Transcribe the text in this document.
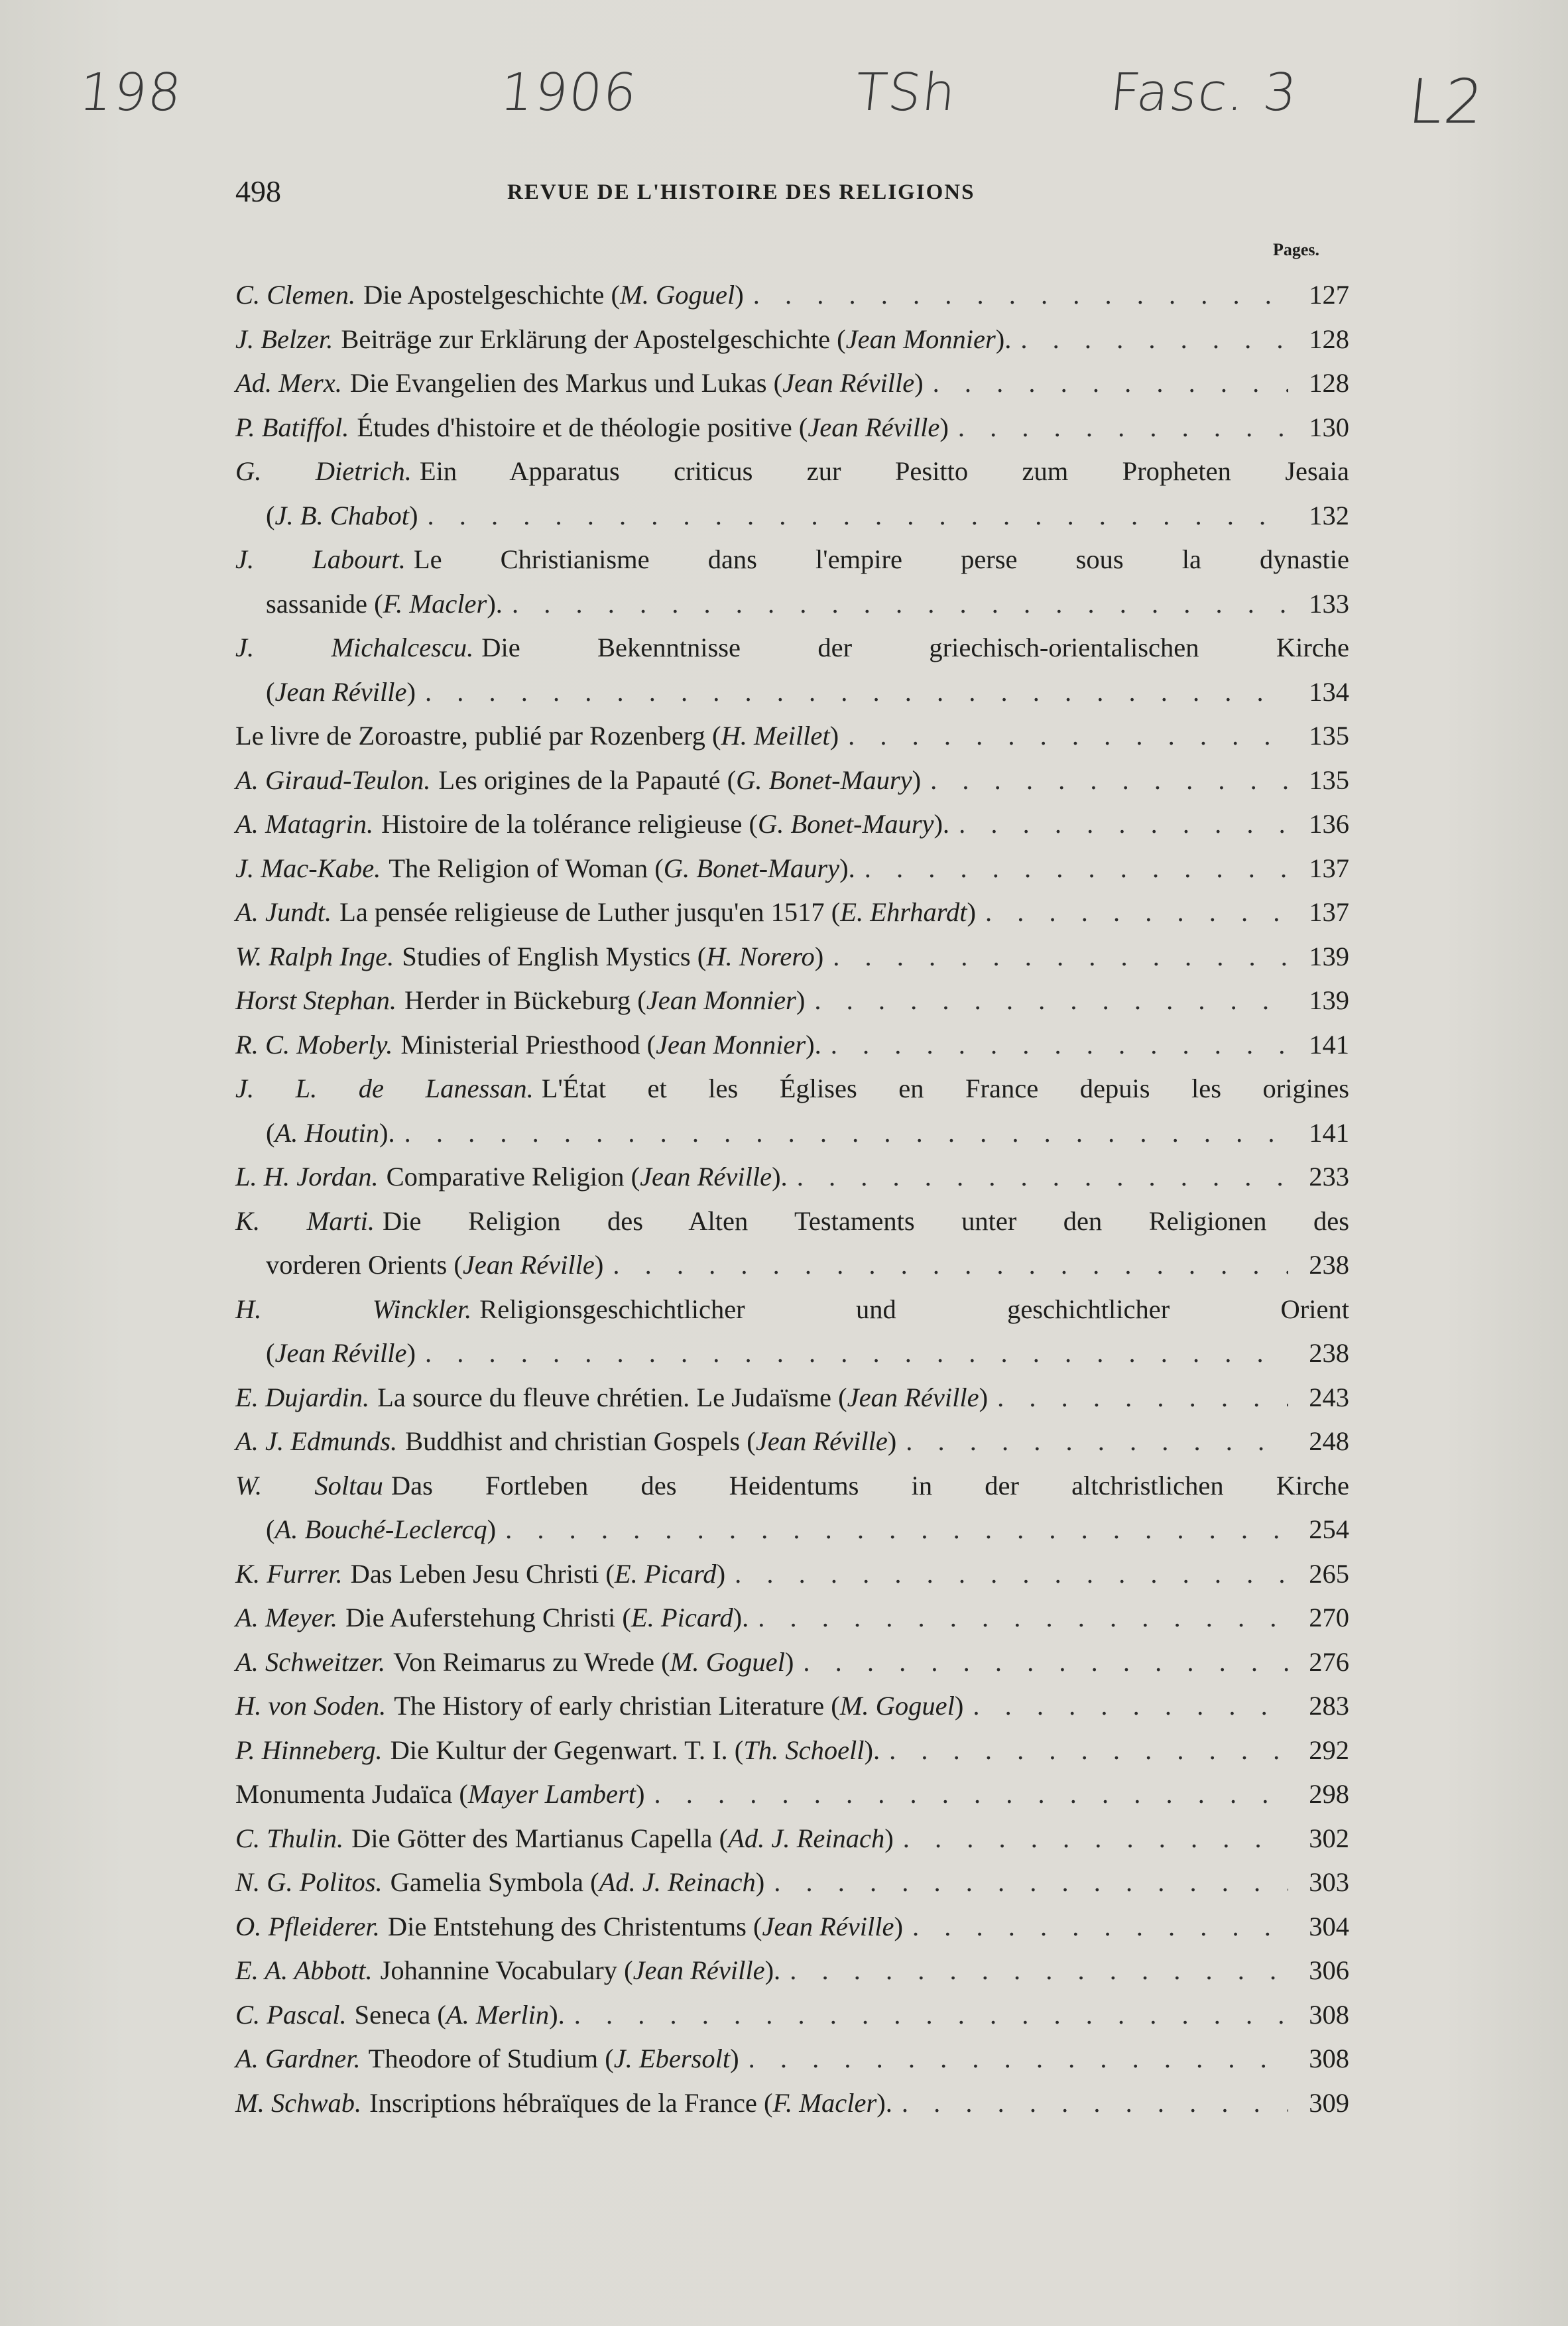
198	1906	TSh	Fasc. 3 L2
498	REVUE DE L'HISTOIRE DES RELIGIONS
Pages.
C. Clemen. Die Apostelgeschichte ( M. Goguel ) . . .	127
J. Belzer. Beiträge zur Erklärung der Apostelgeschichte ( Jean Monnier ). . . .	128
Ad. Merx. Die Evangelien des Markus und Lukas ( Jean Réville ) . . .	128
P. Batiffol. Études d'histoire et de théologie positive ( Jean Réville ) . . .	130
G. Dietrich. Ein Apparatus criticus zur Pesitto zum Propheten Jesaia
( J. B. Chabot ) . . .	132
J. Labourt. Le Christianisme dans l'empire perse sous la dynastie
sassanide ( F. Macler ). . . .	133
J. Michalcescu. Die Bekenntnisse der griechisch-orientalischen Kirche
( Jean Réville ) . . .	134
Le livre de Zoroastre, publié par Rozenberg ( H. Meillet ) . . .	135
A. Giraud-Teulon. Les origines de la Papauté ( G. Bonet-Maury ) . . .	135
A. Matagrin. Histoire de la tolérance religieuse ( G. Bonet-Maury ). . . .	136
J. Mac-Kabe. The Religion of Woman ( G. Bonet-Maury ). . . .	137
A. Jundt. La pensée religieuse de Luther jusqu'en 1517 ( E. Ehrhardt ) . . .	137
W. Ralph Inge. Studies of English Mystics ( H. Norero ) . . .	139
Horst Stephan. Herder in Bückeburg ( Jean Monnier ) . . .	139
R. C. Moberly. Ministerial Priesthood ( Jean Monnier ). . . .	141
J. L. de Lanessan. L'État et les Églises en France depuis les origines
( A. Houtin ). . . .	141
L. H. Jordan. Comparative Religion ( Jean Réville ). . . .	233
K. Marti. Die Religion des Alten Testaments unter den Religionen des
vorderen Orients ( Jean Réville ) . . .	238
H. Winckler. Religionsgeschichtlicher und geschichtlicher Orient
( Jean Réville ) . . .	238
E. Dujardin. La source du fleuve chrétien. Le Judaïsme ( Jean Réville ) . . .	243
A. J. Edmunds. Buddhist and christian Gospels ( Jean Réville ) . . .	248
W. Soltau Das Fortleben des Heidentums in der altchristlichen Kirche
( A. Bouché-Leclercq ) . . .	254
K. Furrer. Das Leben Jesu Christi ( E. Picard ) . . .	265
A. Meyer. Die Auferstehung Christi ( E. Picard ). . . .	270
A. Schweitzer. Von Reimarus zu Wrede ( M. Goguel ) . . .	276
H. von Soden. The History of early christian Literature ( M. Goguel ) . . .	283
P. Hinneberg. Die Kultur der Gegenwart. T. I. ( Th. Schoell ). . . .	292
Monumenta Judaïca ( Mayer Lambert ) . . .	298
C. Thulin. Die Götter des Martianus Capella ( Ad. J. Reinach ) . . .	302
N. G. Politos. Gamelia Symbola ( Ad. J. Reinach ) . . .	303
O. Pfleiderer. Die Entstehung des Christentums ( Jean Réville ) . . .	304
E. A. Abbott. Johannine Vocabulary ( Jean Réville ). . . .	306
C. Pascal. Seneca ( A. Merlin ). . . .	308
A. Gardner. Theodore of Studium ( J. Ebersolt ) . . .	308
M. Schwab. Inscriptions hébraïques de la France ( F. Macler ). . . .	309
